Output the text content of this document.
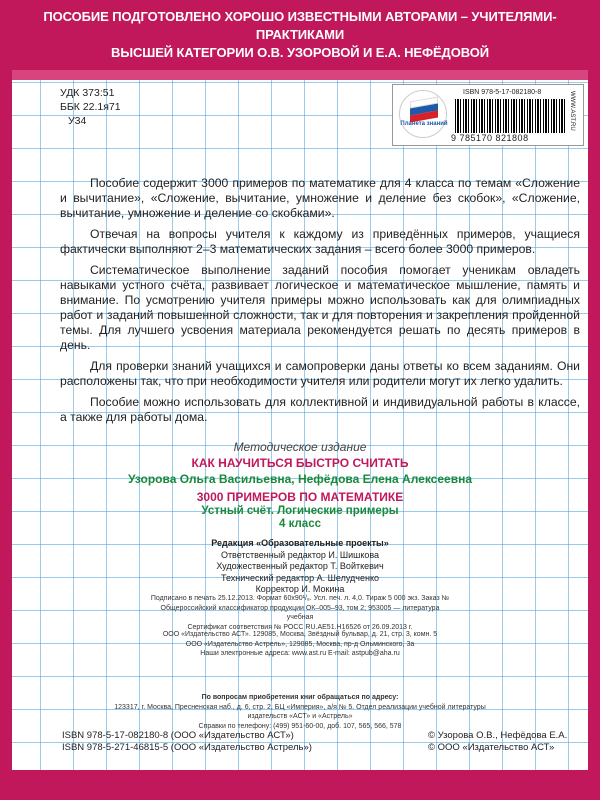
ПОСОБИЕ ПОДГОТОВЛЕНО ХОРОШО ИЗВЕСТНЫМИ АВТОРАМИ – УЧИТЕЛЯМИ-ПРАКТИКАМИ
ВЫСШЕЙ КАТЕГОРИИ О.В. УЗОРОВОЙ И Е.А. НЕФЁДОВОЙ
УДК 373:51
ББК 22.1я71
У34	Планета знаний
ISBN 978-5-17-082180-8
9 785170 821808
WWW.AST.RU

Пособие содержит 3000 примеров по математике для 4 класса по темам «Сложение и вычитание», «Сложение, вычитание, умножение и деление без скобок», «Сложение, вычитание, умножение и деление со скобками».

Отвечая на вопросы учителя к каждому из приведённых примеров, учащиеся фактически выполняют 2–3 математических задания – всего более 3000 примеров.

Систематическое выполнение заданий пособия помогает ученикам овладеть навыками устного счёта, развивает логическое и математическое мышление, память и внимание. По усмотрению учителя примеры можно использовать как для олимпиадных работ и заданий повышенной сложности, так и для повторения и закрепления пройденной темы. Для лучшего усвоения материала рекомендуется решать по десять примеров в день.

Для проверки знаний учащихся и самопроверки даны ответы ко всем заданиям. Они расположены так, что при необходимости учителя или родители могут их легко удалить.

Пособие можно использовать для коллективной и индивидуальной работы в классе, а также для работы дома.

Методическое издание
КАК НАУЧИТЬСЯ БЫСТРО СЧИТАТЬ
Узорова Ольга Васильевна, Нефёдова Елена Алексеевна
3000 ПРИМЕРОВ ПО МАТЕМАТИКЕ
Устный счёт. Логические примеры
4 класс
Редакция «Образовательные проекты»
Ответственный редактор И. Шишкова
Художественный редактор Т. Войткевич
Технический редактор А. Шелудченко
Корректор И. Мокина
Подписано в печать 25.12.2013. Формат 60х90¹/₈. Усл. печ. л. 4,0. Тираж 5 000 экз. Заказ №
Общероссийский классификатор продукции ОК–005–93, том 2; 953005 — литература учебная
Сертификат соответствия № РОСС RU.AE51.H16526 от 26.09.2013 г.
ООО «Издательство АСТ». 129085, Москва, Звёздный бульвар, д. 21, стр. 3, комн. 5
ООО «Издательство Астрель», 129085, Москва, пр-д Ольминского, 3а
Наши электронные адреса: www.ast.ru E-mail: astpub@aha.ru
По вопросам приобретения книг обращаться по адресу:
123317, г. Москва, Пресненская наб., д. 6, стр. 2, БЦ «Империя», а/я № 5. Отдел реализации учебной литературы издательств «АСТ» и «Астрель»
Справки по телефону: (499) 951-60-00, доб. 107, 565, 566, 578
ISBN 978-5-17-082180-8 (ООО «Издательство АСТ»)
ISBN 978-5-271-46815-5 (ООО «Издательство Астрель»)
© Узорова О.В., Нефёдова Е.А.
© ООО «Издательство АСТ»
